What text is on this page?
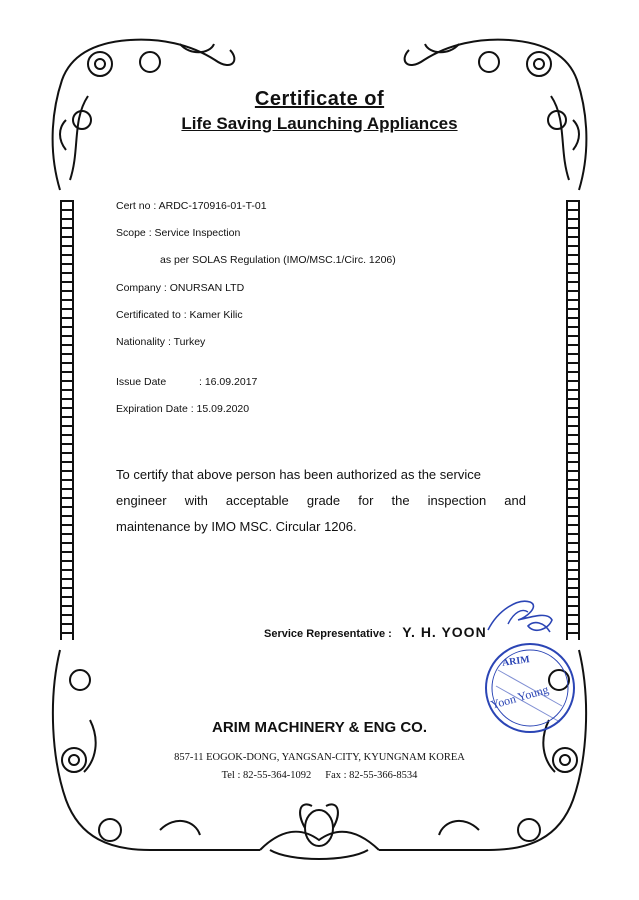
Certificate of
Life Saving Launching Appliances
Cert no : ARDC-170916-01-T-01
Scope : Service Inspection
as per SOLAS Regulation (IMO/MSC.1/Circ. 1206)
Company : ONURSAN LTD
Certificated to : Kamer Kilic
Nationality : Turkey
Issue Date	: 16.09.2017
Expiration Date : 15.09.2020
To certify that above person has been authorized as the service
engineer with acceptable grade for the inspection and
maintenance by IMO MSC. Circular 1206.
Service Representative : Y. H. YOON
ARIM
Yoon Young
ARIM MACHINERY & ENG CO.
857-11 EOGOK-DONG, YANGSAN-CITY, KYUNGNAM KOREA
Tel : 82-55-364-1092 Fax : 82-55-366-8534
